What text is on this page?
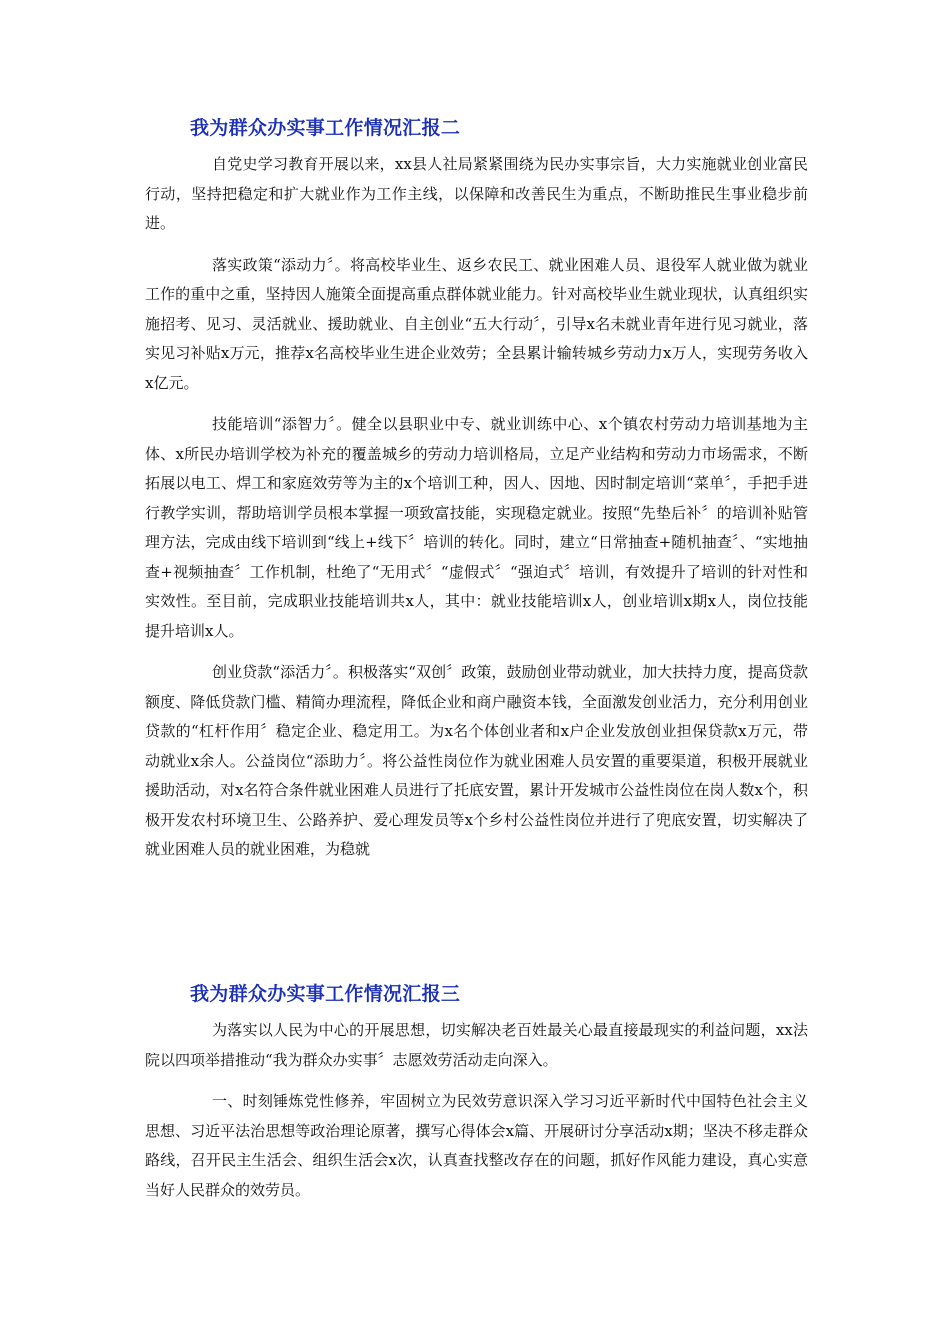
我为群众办实事工作情况汇报二

自党史学习教育开展以来，xx县人社局紧紧围绕为民办实事宗旨，大力实施就业创业富民行动，坚持把稳定和扩大就业作为工作主线，以保障和改善民生为重点，不断助推民生事业稳步前进。

落实政策“添动力〞。将高校毕业生、返乡农民工、就业困难人员、退役军人就业做为就业工作的重中之重，坚持因人施策全面提高重点群体就业能力。针对高校毕业生就业现状，认真组织实施招考、见习、灵活就业、援助就业、自主创业“五大行动〞，引导x名未就业青年进行见习就业，落实见习补贴x万元，推荐x名高校毕业生进企业效劳；全县累计输转城乡劳动力x万人，实现劳务收入x亿元。

技能培训“添智力〞。健全以县职业中专、就业训练中心、x个镇农村劳动力培训基地为主体、x所民办培训学校为补充的覆盖城乡的劳动力培训格局，立足产业结构和劳动力市场需求，不断拓展以电工、焊工和家庭效劳等为主的x个培训工种，因人、因地、因时制定培训“菜单〞，手把手进行教学实训，帮助培训学员根本掌握一项致富技能，实现稳定就业。按照“先垫后补〞的培训补贴管理方法，完成由线下培训到“线上+线下〞培训的转化。同时，建立“日常抽查+随机抽查〞、“实地抽查+视频抽查〞工作机制，杜绝了“无用式〞“虚假式〞“强迫式〞培训，有效提升了培训的针对性和实效性。至目前，完成职业技能培训共x人，其中：就业技能培训x人，创业培训x期x人，岗位技能提升培训x人。

创业贷款“添活力〞。积极落实“双创〞政策，鼓励创业带动就业，加大扶持力度，提高贷款额度、降低贷款门槛、精简办理流程，降低企业和商户融资本钱，全面激发创业活力，充分利用创业贷款的“杠杆作用〞稳定企业、稳定用工。为x名个体创业者和x户企业发放创业担保贷款x万元，带动就业x余人。公益岗位“添助力〞。将公益性岗位作为就业困难人员安置的重要渠道，积极开展就业援助活动，对x名符合条件就业困难人员进行了托底安置，累计开发城市公益性岗位在岗人数x个，积极开发农村环境卫生、公路养护、爱心理发员等x个乡村公益性岗位并进行了兜底安置，切实解决了就业困难人员的就业困难，为稳就

我为群众办实事工作情况汇报三

为落实以人民为中心的开展思想，切实解决老百姓最关心最直接最现实的利益问题，xx法院以四项举措推动“我为群众办实事〞志愿效劳活动走向深入。

一、时刻锤炼党性修养，牢固树立为民效劳意识深入学习习近平新时代中国特色社会主义思想、习近平法治思想等政治理论原著，撰写心得体会x篇、开展研讨分享活动x期；坚决不移走群众路线，召开民主生活会、组织生活会x次，认真查找整改存在的问题，抓好作风能力建设，真心实意当好人民群众的效劳员。
